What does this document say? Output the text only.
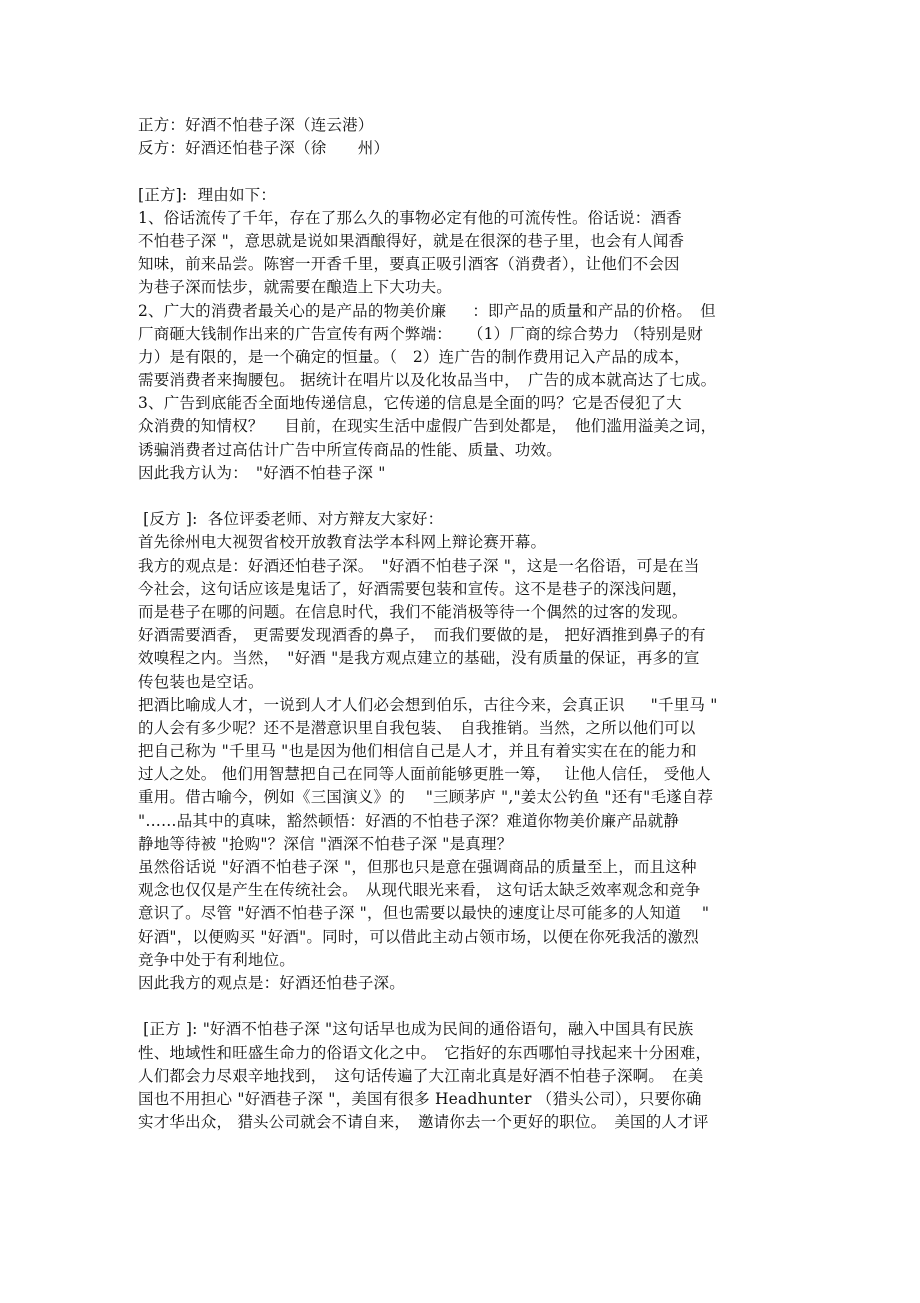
正方：好酒不怕巷子深（连云港）
反方：好酒还怕巷子深（徐　　州）
[正方]:  理由如下：
1、俗话流传了千年，存在了那么久的事物必定有他的可流传性。俗话说：酒香
不怕巷子深 "，意思就是说如果酒酿得好，就是在很深的巷子里，也会有人闻香
知味，前来品尝。陈窖一开香千里，要真正吸引酒客（消费者），让他们不会因
为巷子深而怯步，就需要在酿造上下大功夫。
2、广大的消费者最关心的是产品的物美价廉　  ：即产品的质量和产品的价格。　但
厂商砸大钱制作出来的广告宣传有两个弊端：　　（1）厂商的综合势力 （特别是财
力）是有限的，是一个确定的恒量。（　2）连广告的制作费用记入产品的成本，
需要消费者来掏腰包。 据统计在唱片以及化妆品当中，　广告的成本就高达了七成。
3、广告到底能否全面地传递信息，它传递的信息是全面的吗？它是否侵犯了大
众消费的知情权？　 目前，在现实生活中虚假广告到处都是，　他们滥用溢美之词，
诱骗消费者过高估计广告中所宣传商品的性能、质量、功效。
因此我方认为：　"好酒不怕巷子深 "
[反方 ]:  各位评委老师、对方辩友大家好：
首先徐州电大视贺省校开放教育法学本科网上辩论赛开幕。
我方的观点是：好酒还怕巷子深。　"好酒不怕巷子深 "，这是一名俗语，可是在当
今社会，这句话应该是鬼话了，好酒需要包装和宣传。这不是巷子的深浅问题，
而是巷子在哪的问题。在信息时代，我们不能消极等待一个偶然的过客的发现。
好酒需要酒香， 更需要发现酒香的鼻子，　而我们要做的是， 把好酒推到鼻子的有
效嗅程之内。当然，　"好酒 "是我方观点建立的基础，没有质量的保证，再多的宣
传包装也是空话。
把酒比喻成人才，一说到人才人们必会想到伯乐，古往今来，会真正识　  "千里马 "
的人会有多少呢？还不是潜意识里自我包装、　自我推销。当然，之所以他们可以
把自己称为 "千里马 "也是因为他们相信自己是人才，并且有着实实在在的能力和
过人之处。 他们用智慧把自己在同等人面前能够更胜一筹，　 让他人信任， 受他人
重用。借古喻今，例如《三国演义》的　 "三顾茅庐 ","姜太公钓鱼 "还有"毛遂自荐
"……品其中的真味，豁然顿悟：好酒的不怕巷子深？难道你物美价廉产品就静
静地等待被 "抢购"？深信 "酒深不怕巷子深 "是真理？
虽然俗话说 "好酒不怕巷子深 "，但那也只是意在强调商品的质量至上，而且这种
观念也仅仅是产生在传统社会。　从现代眼光来看， 这句话太缺乏效率观念和竞争
意识了。尽管 "好酒不怕巷子深 "，但也需要以最快的速度让尽可能多的人知道　 "
好酒"，以便购买 "好酒"。同时，可以借此主动占领市场，以便在你死我活的激烈
竞争中处于有利地位。
因此我方的观点是：好酒还怕巷子深。
[正方 ]: "好酒不怕巷子深 "这句话早也成为民间的通俗语句，融入中国具有民族
性、地域性和旺盛生命力的俗语文化之中。　它指好的东西哪怕寻找起来十分困难，
人们都会力尽艰辛地找到，　这句话传遍了大江南北真是好酒不怕巷子深啊。　在美
国也不用担心 "好酒巷子深 "，美国有很多 Headhunter （猎头公司），只要你确
实才华出众， 猎头公司就会不请自来，　邀请你去一个更好的职位。　美国的人才评
